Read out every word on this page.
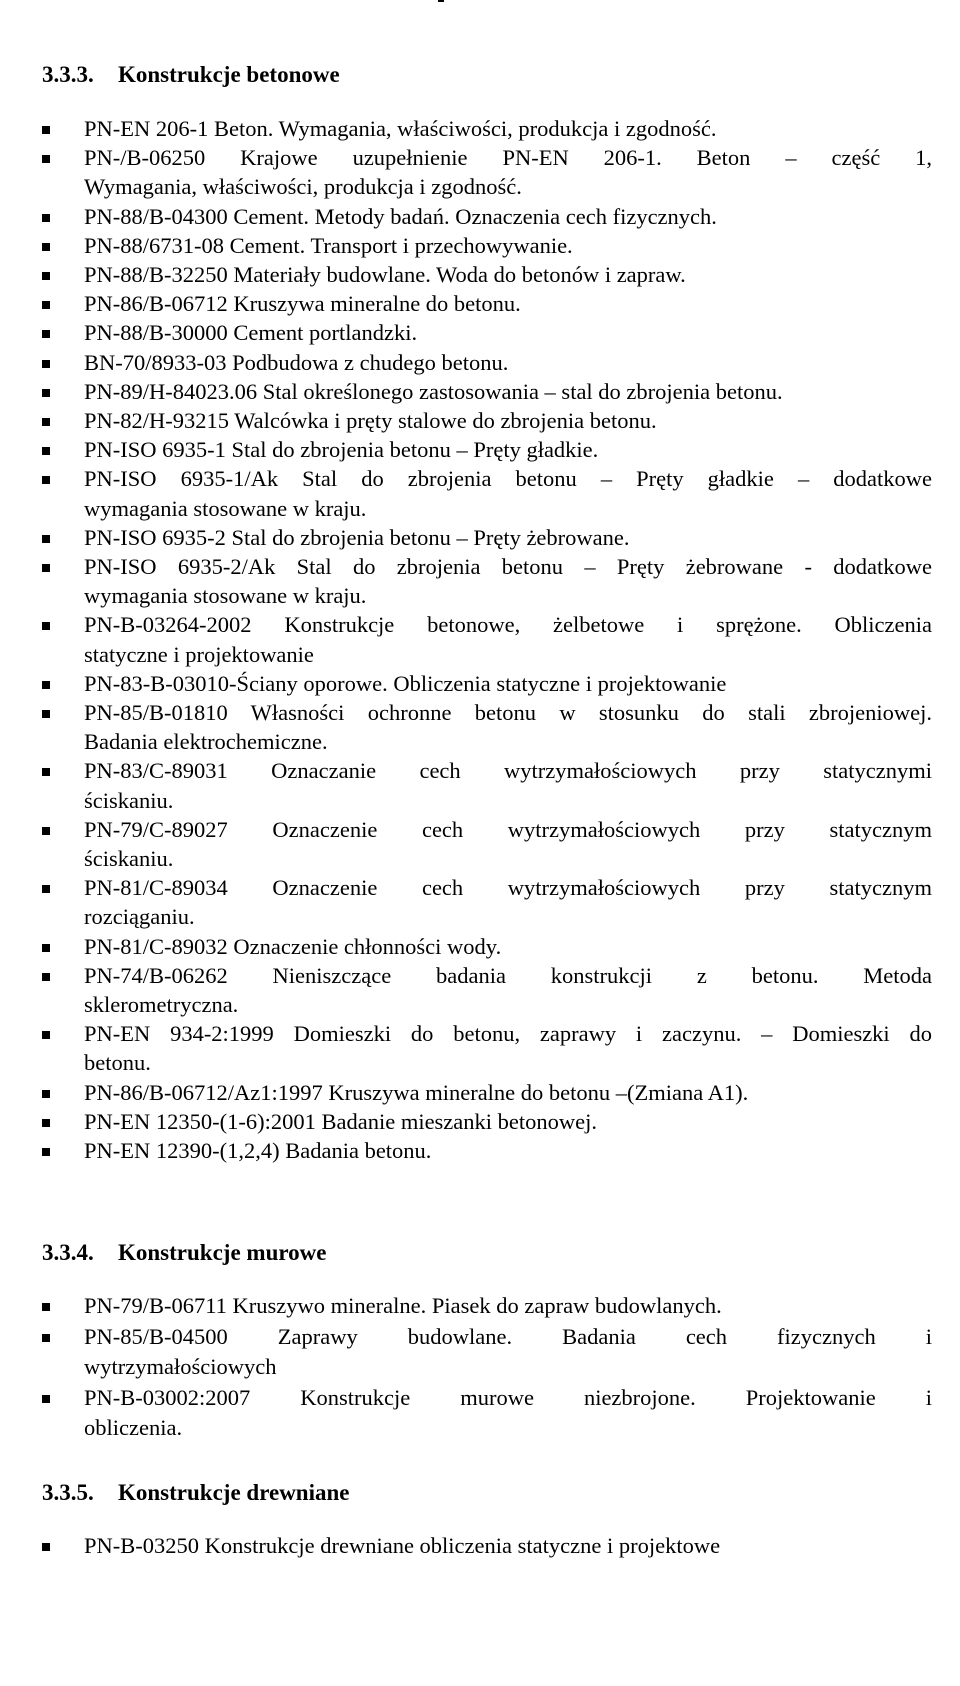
3.3.3.	Konstrukcje betonowe
PN-EN 206-1 Beton. Wymagania, właściwości, produkcja i zgodność.
PN-/B-06250 Krajowe uzupełnienie PN-EN 206-1. Beton – część 1,
Wymagania, właściwości, produkcja i zgodność.
PN-88/B-04300 Cement. Metody badań. Oznaczenia cech fizycznych.
PN-88/6731-08 Cement. Transport i przechowywanie.
PN-88/B-32250 Materiały budowlane. Woda do betonów i zapraw.
PN-86/B-06712 Kruszywa mineralne do betonu.
PN-88/B-30000 Cement portlandzki.
BN-70/8933-03 Podbudowa z chudego betonu.
PN-89/H-84023.06 Stal określonego zastosowania – stal do zbrojenia betonu.
PN-82/H-93215 Walcówka i pręty stalowe do zbrojenia betonu.
PN-ISO 6935-1 Stal do zbrojenia betonu – Pręty gładkie.
PN-ISO 6935-1/Ak Stal do zbrojenia betonu – Pręty gładkie – dodatkowe
wymagania stosowane w kraju.
PN-ISO 6935-2 Stal do zbrojenia betonu – Pręty żebrowane.
PN-ISO 6935-2/Ak Stal do zbrojenia betonu – Pręty żebrowane - dodatkowe
wymagania stosowane w kraju.
PN-B-03264-2002 Konstrukcje betonowe, żelbetowe i sprężone. Obliczenia
statyczne i projektowanie
PN-83-B-03010-Ściany oporowe. Obliczenia statyczne i projektowanie
PN-85/B-01810 Własności ochronne betonu w stosunku do stali zbrojeniowej.
Badania elektrochemiczne.
PN-83/C-89031 Oznaczanie cech wytrzymałościowych przy statycznymi
ściskaniu.
PN-79/C-89027 Oznaczenie cech wytrzymałościowych przy statycznym
ściskaniu.
PN-81/C-89034 Oznaczenie cech wytrzymałościowych przy statycznym
rozciąganiu.
PN-81/C-89032 Oznaczenie chłonności wody.
PN-74/B-06262 Nieniszczące badania konstrukcji z betonu. Metoda
sklerometryczna.
PN-EN 934-2:1999 Domieszki do betonu, zaprawy i zaczynu. – Domieszki do
betonu.
PN-86/B-06712/Az1:1997 Kruszywa mineralne do betonu –(Zmiana A1).
PN-EN 12350-(1-6):2001 Badanie mieszanki betonowej.
PN-EN 12390-(1,2,4) Badania betonu.
3.3.4.	Konstrukcje murowe
PN-79/B-06711 Kruszywo mineralne. Piasek do zapraw budowlanych.
PN-85/B-04500 Zaprawy budowlane. Badania cech fizycznych i
wytrzymałościowych
PN-B-03002:2007 Konstrukcje murowe niezbrojone. Projektowanie i
obliczenia.
3.3.5.	Konstrukcje drewniane
PN-B-03250 Konstrukcje drewniane obliczenia statyczne i projektowe
